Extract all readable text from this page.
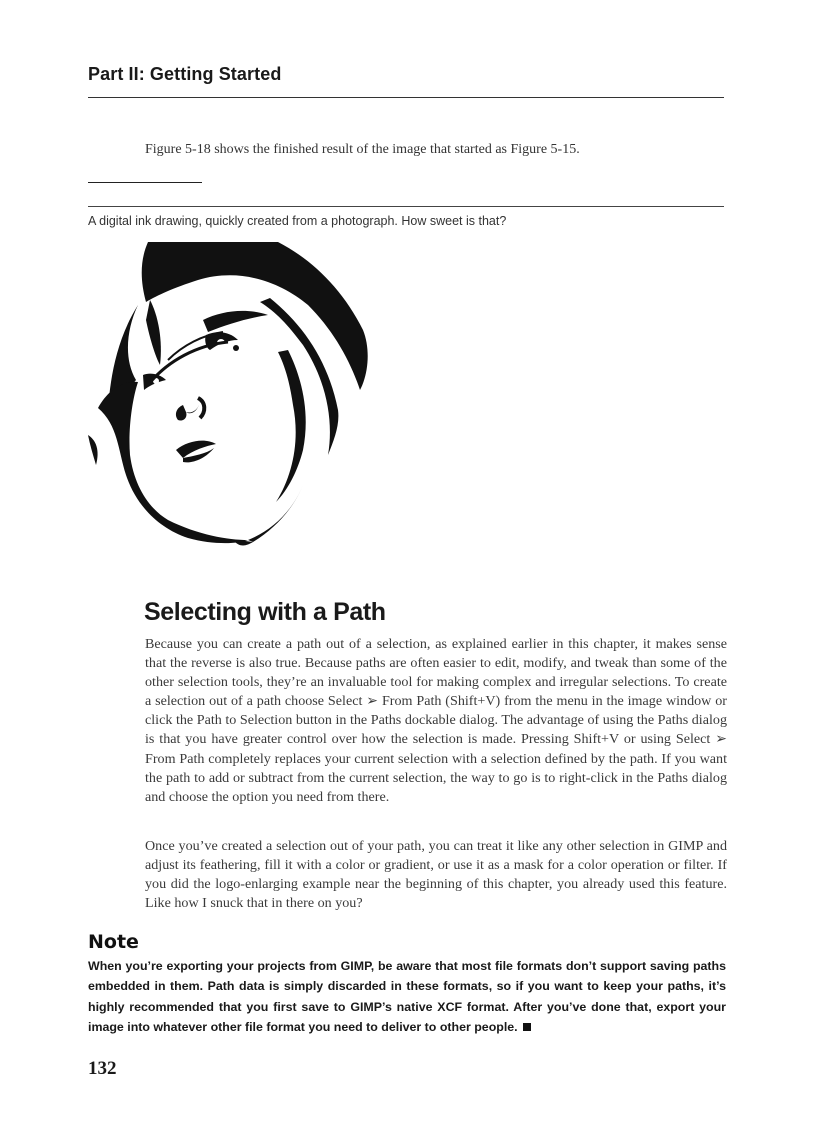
Part II: Getting Started
Figure 5-18 shows the finished result of the image that started as Figure 5-15.
A digital ink drawing, quickly created from a photograph. How sweet is that?
Selecting with a Path

Because you can create a path out of a selection, as explained earlier in this chapter, it makes sense that the reverse is also true. Because paths are often easier to edit, modify, and tweak than some of the other selection tools, they’re an invaluable tool for making complex and irregular selections. To create a selection out of a path choose Select ➢ From Path (Shift+V) from the menu in the image window or click the Path to Selection button in the Paths dockable dialog. The advantage of using the Paths dialog is that you have greater control over how the selection is made. Pressing Shift+V or using Select ➢ From Path completely replaces your current selection with a selection defined by the path. If you want the path to add or subtract from the current selection, the way to go is to right-click in the Paths dialog and choose the option you need from there.

Once you’ve created a selection out of your path, you can treat it like any other selection in GIMP and adjust its feathering, fill it with a color or gradient, or use it as a mask for a color operation or filter. If you did the logo-enlarging example near the beginning of this chapter, you already used this feature. Like how I snuck that in there on you?

Note

When you’re exporting your projects from GIMP, be aware that most file formats don’t support saving paths embedded in them. Path data is simply discarded in these formats, so if you want to keep your paths, it’s highly recommended that you first save to GIMP’s native XCF format. After you’ve done that, export your image into whatever other file format you need to deliver to other people.

132
